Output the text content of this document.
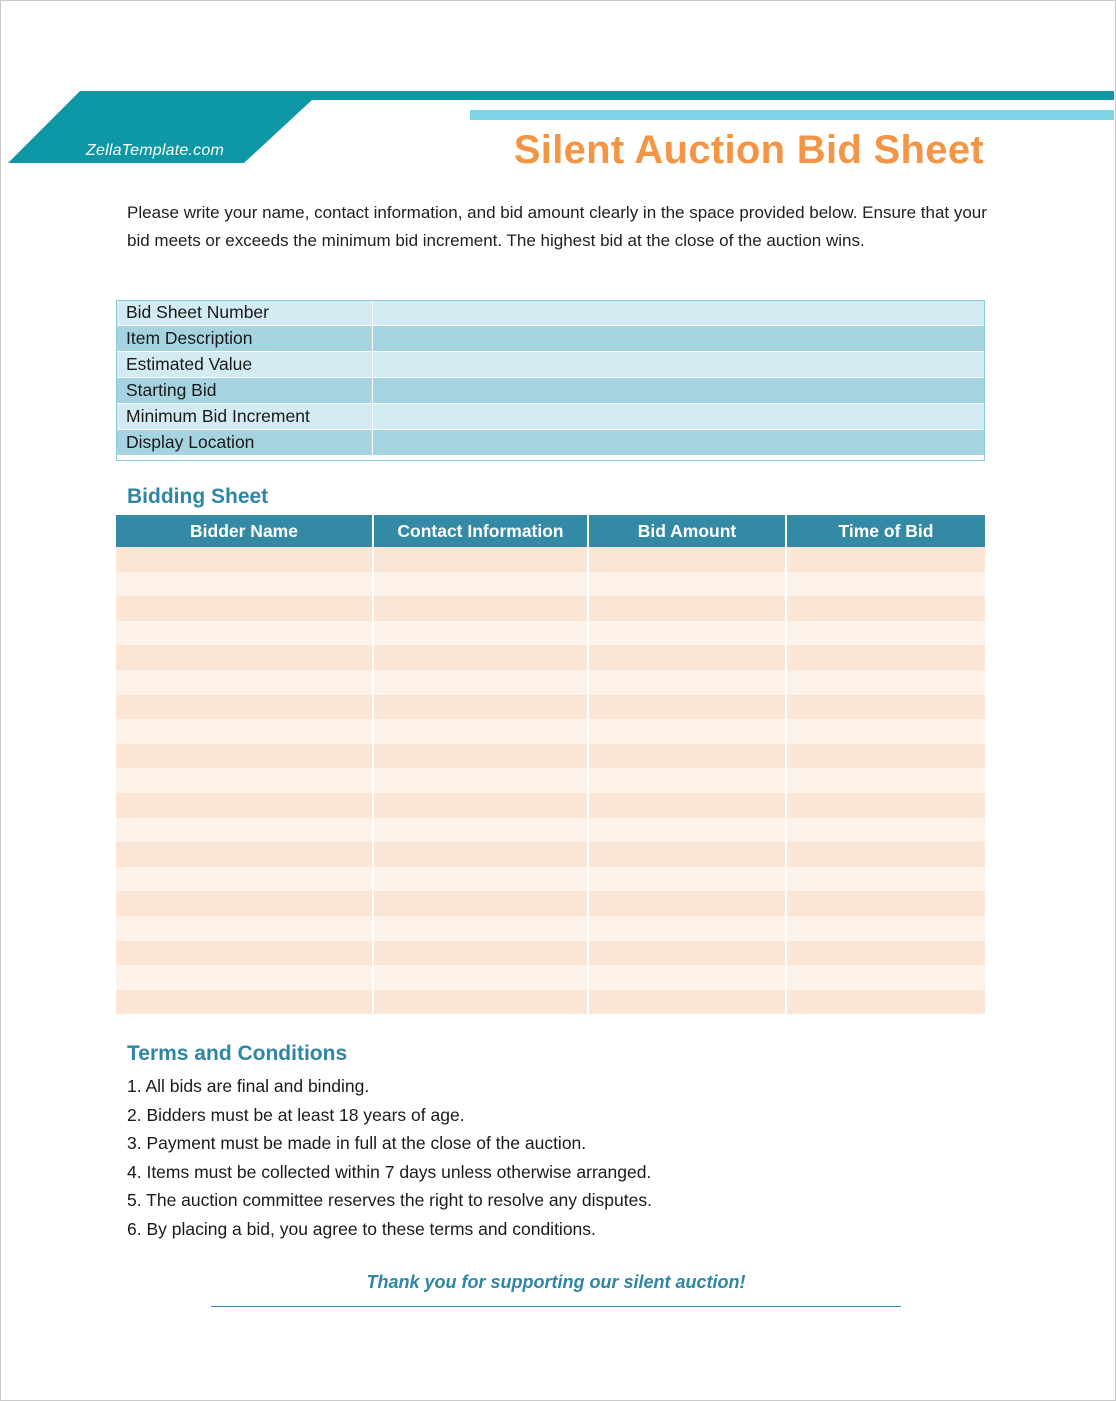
ZellaTemplate.com	Silent Auction Bid Sheet
Please write your name, contact information, and bid amount clearly in the space provided below. Ensure that your bid meets or exceeds the minimum bid increment. The highest bid at the close of the auction wins.
Bid Sheet Number	
Item Description	
Estimated Value	
Starting Bid	
Minimum Bid Increment	
Display Location	
Bidding Sheet
Bidder Name	Contact Information	Bid Amount	Time of Bid

Terms and Conditions
1. All bids are final and binding.
2. Bidders must be at least 18 years of age.
3. Payment must be made in full at the close of the auction.
4. Items must be collected within 7 days unless otherwise arranged.
5. The auction committee reserves the right to resolve any disputes.
6. By placing a bid, you agree to these terms and conditions.
Thank you for supporting our silent auction!
